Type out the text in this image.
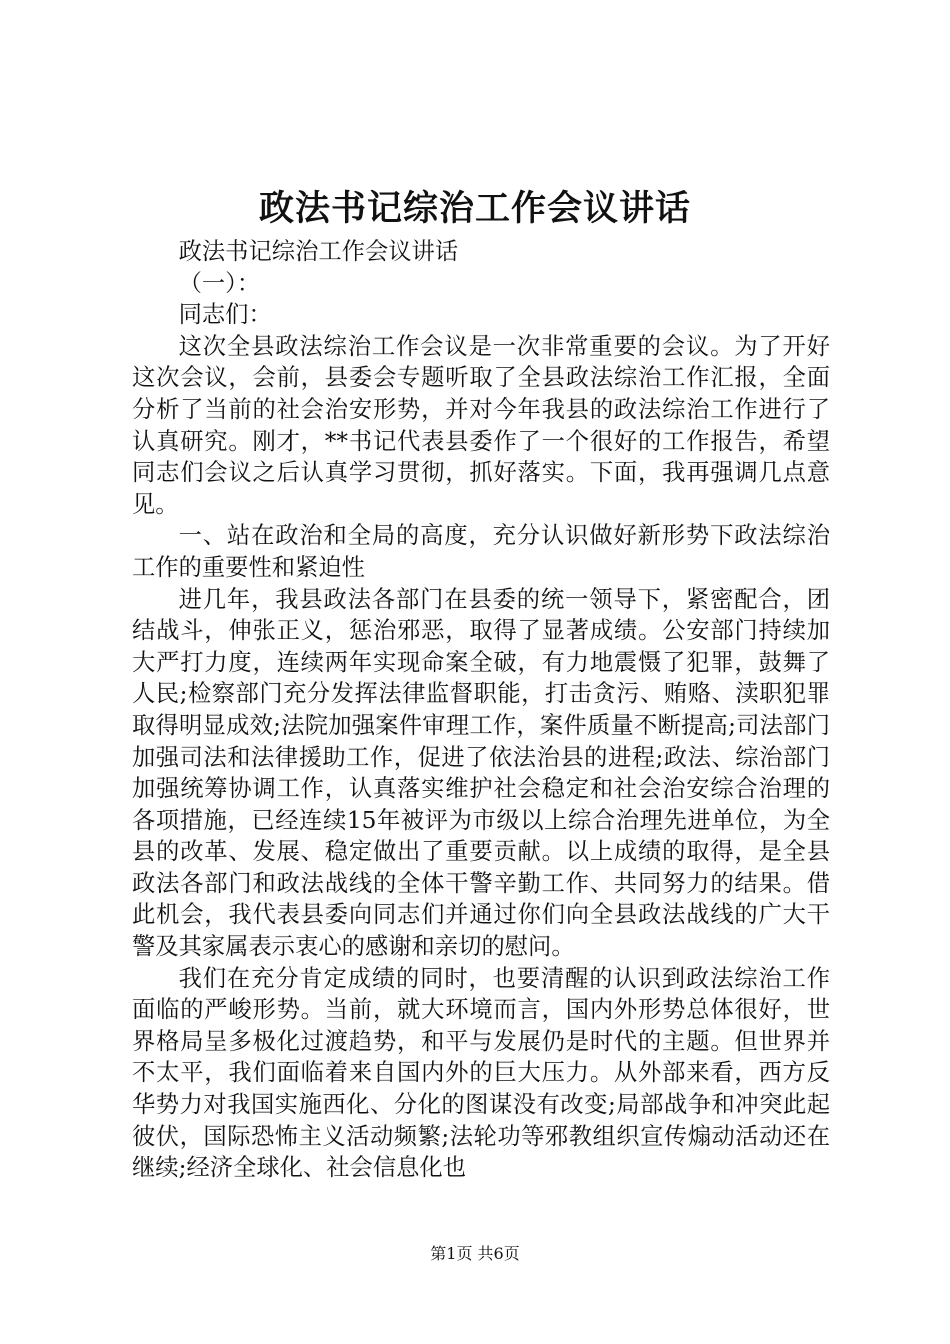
政法书记综治工作会议讲话

政法书记综治工作会议讲话

（一）：

同志们：

这次全县政法综治工作会议是一次非常重要的会议。为了开好这次会议，会前，县委会专题听取了全县政法综治工作汇报，全面分析了当前的社会治安形势，并对今年我县的政法综治工作进行了认真研究。刚才，**书记代表县委作了一个很好的工作报告，希望同志们会议之后认真学习贯彻，抓好落实。下面，我再强调几点意见。

一、站在政治和全局的高度，充分认识做好新形势下政法综治工作的重要性和紧迫性

进几年，我县政法各部门在县委的统一领导下，紧密配合，团结战斗，伸张正义，惩治邪恶，取得了显著成绩。公安部门持续加大严打力度，连续两年实现命案全破，有力地震慑了犯罪，鼓舞了人民;检察部门充分发挥法律监督职能，打击贪污、贿赂、渎职犯罪取得明显成效;法院加强案件审理工作，案件质量不断提高;司法部门加强司法和法律援助工作，促进了依法治县的进程;政法、综治部门加强统筹协调工作，认真落实维护社会稳定和社会治安综合治理的各项措施，已经连续15年被评为市级以上综合治理先进单位，为全县的改革、发展、稳定做出了重要贡献。以上成绩的取得，是全县政法各部门和政法战线的全体干警辛勤工作、共同努力的结果。借此机会，我代表县委向同志们并通过你们向全县政法战线的广大干警及其家属表示衷心的感谢和亲切的慰问。

我们在充分肯定成绩的同时，也要清醒的认识到政法综治工作面临的严峻形势。当前，就大环境而言，国内外形势总体很好，世界格局呈多极化过渡趋势，和平与发展仍是时代的主题。但世界并不太平，我们面临着来自国内外的巨大压力。从外部来看，西方反华势力对我国实施西化、分化的图谋没有改变;局部战争和冲突此起彼伏，国际恐怖主义活动频繁;法轮功等邪教组织宣传煽动活动还在继续;经济全球化、社会信息化也

第1页 共6页
